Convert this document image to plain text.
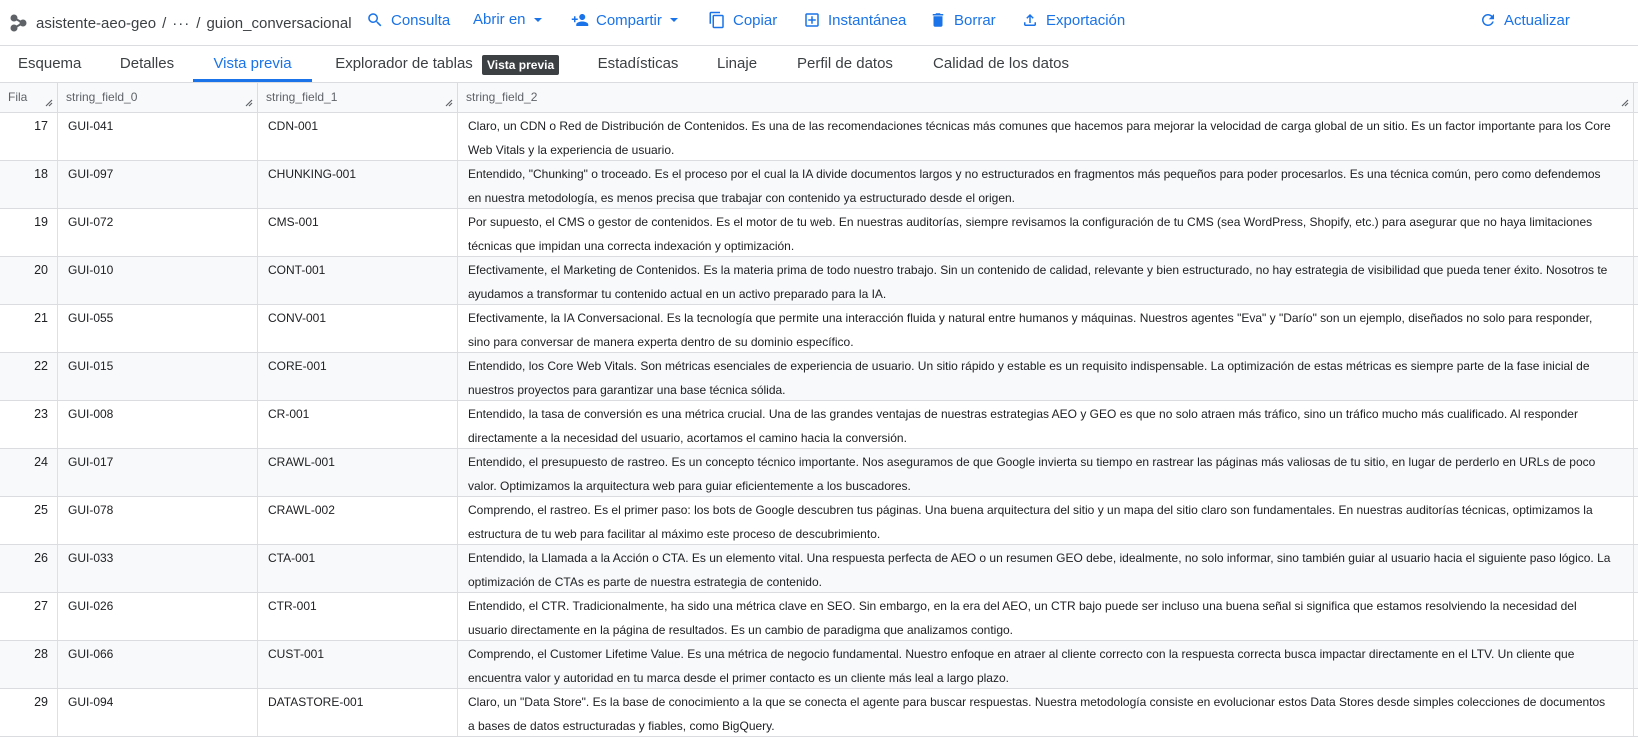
asistente-aeo-geo / ··· / guion_conversacional	Consulta Abrir en	Compartir	Copiar	Instantánea	Borrar	Exportación	Actualizar
Esquema	Detalles	Vista previa	Explorador de tablas	Vista previa	Estadísticas	Linaje	Perfil de datos	Calidad de los datos
Fila	string_field_0	string_field_1	string_field_2
17	GUI-041	CDN-001	Claro, un CDN o Red de Distribución de Contenidos. Es una de las recomendaciones técnicas más comunes que hacemos para mejorar la velocidad de carga global de un sitio. Es un factor importante para los Core Web Vitals y la experiencia de usuario.
18	GUI-097	CHUNKING-001	Entendido, "Chunking" o troceado. Es el proceso por el cual la IA divide documentos largos y no estructurados en fragmentos más pequeños para poder procesarlos. Es una técnica común, pero como defendemos en nuestra metodología, es menos precisa que trabajar con contenido ya estructurado desde el origen.
19	GUI-072	CMS-001	Por supuesto, el CMS o gestor de contenidos. Es el motor de tu web. En nuestras auditorías, siempre revisamos la configuración de tu CMS (sea WordPress, Shopify, etc.) para asegurar que no haya limitaciones técnicas que impidan una correcta indexación y optimización.
20	GUI-010	CONT-001	Efectivamente, el Marketing de Contenidos. Es la materia prima de todo nuestro trabajo. Sin un contenido de calidad, relevante y bien estructurado, no hay estrategia de visibilidad que pueda tener éxito. Nosotros te ayudamos a transformar tu contenido actual en un activo preparado para la IA.
21	GUI-055	CONV-001	Efectivamente, la IA Conversacional. Es la tecnología que permite una interacción fluida y natural entre humanos y máquinas. Nuestros agentes "Eva" y "Darío" son un ejemplo, diseñados no solo para responder, sino para conversar de manera experta dentro de su dominio específico.
22	GUI-015	CORE-001	Entendido, los Core Web Vitals. Son métricas esenciales de experiencia de usuario. Un sitio rápido y estable es un requisito indispensable. La optimización de estas métricas es siempre parte de la fase inicial de nuestros proyectos para garantizar una base técnica sólida.
23	GUI-008	CR-001	Entendido, la tasa de conversión es una métrica crucial. Una de las grandes ventajas de nuestras estrategias AEO y GEO es que no solo atraen más tráfico, sino un tráfico mucho más cualificado. Al responder directamente a la necesidad del usuario, acortamos el camino hacia la conversión.
24	GUI-017	CRAWL-001	Entendido, el presupuesto de rastreo. Es un concepto técnico importante. Nos aseguramos de que Google invierta su tiempo en rastrear las páginas más valiosas de tu sitio, en lugar de perderlo en URLs de poco valor. Optimizamos la arquitectura web para guiar eficientemente a los buscadores.
25	GUI-078	CRAWL-002	Comprendo, el rastreo. Es el primer paso: los bots de Google descubren tus páginas. Una buena arquitectura del sitio y un mapa del sitio claro son fundamentales. En nuestras auditorías técnicas, optimizamos la estructura de tu web para facilitar al máximo este proceso de descubrimiento.
26	GUI-033	CTA-001	Entendido, la Llamada a la Acción o CTA. Es un elemento vital. Una respuesta perfecta de AEO o un resumen GEO debe, idealmente, no solo informar, sino también guiar al usuario hacia el siguiente paso lógico. La optimización de CTAs es parte de nuestra estrategia de contenido.
27	GUI-026	CTR-001	Entendido, el CTR. Tradicionalmente, ha sido una métrica clave en SEO. Sin embargo, en la era del AEO, un CTR bajo puede ser incluso una buena señal si significa que estamos resolviendo la necesidad del usuario directamente en la página de resultados. Es un cambio de paradigma que analizamos contigo.
28	GUI-066	CUST-001	Comprendo, el Customer Lifetime Value. Es una métrica de negocio fundamental. Nuestro enfoque en atraer al cliente correcto con la respuesta correcta busca impactar directamente en el LTV. Un cliente que encuentra valor y autoridad en tu marca desde el primer contacto es un cliente más leal a largo plazo.
29	GUI-094	DATASTORE-001	Claro, un "Data Store". Es la base de conocimiento a la que se conecta el agente para buscar respuestas. Nuestra metodología consiste en evolucionar estos Data Stores desde simples colecciones de documentos a bases de datos estructuradas y fiables, como BigQuery.
